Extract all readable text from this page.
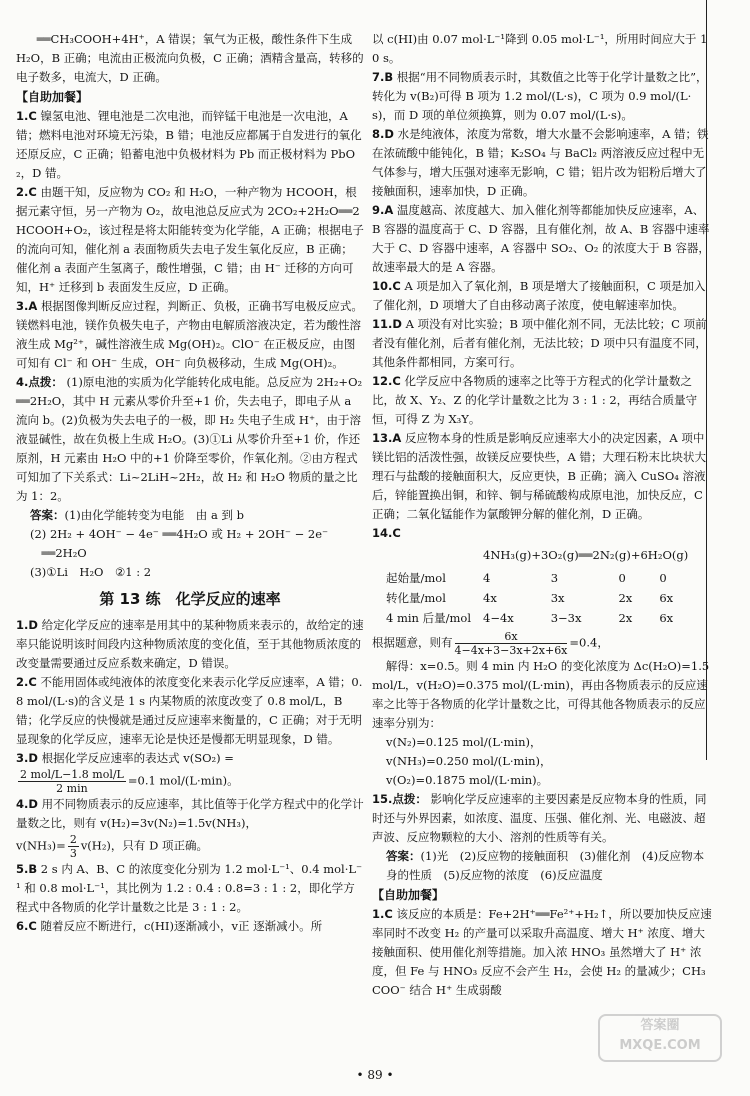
══CH₃COOH+4H⁺，A 错误；氧气为正极，酸性条件下生成 H₂O，B 正确；电流由正极流向负极，C 正确；酒精含量高，转移的电子数多，电流大，D 正确。

【自助加餐】

1.C 镍氢电池、锂电池是二次电池，而锌锰干电池是一次电池，A 错；燃料电池对环境无污染，B 错；电池反应都属于自发进行的氧化还原反应，C 正确；铅蓄电池中负极材料为 Pb 而正极材料为 PbO₂，D 错。

2.C 由题干知，反应物为 CO₂ 和 H₂O，一种产物为 HCOOH，根据元素守恒，另一产物为 O₂，故电池总反应式为 2CO₂+2H₂O══2HCOOH+O₂，该过程是将太阳能转变为化学能，A 正确；根据电子的流向可知，催化剂 a 表面物质失去电子发生氧化反应，B 正确；催化剂 a 表面产生氢离子，酸性增强，C 错；由 H⁻ 迁移的方向可知，H⁺ 迁移到 b 表面发生反应，D 正确。

3.A 根据图像判断反应过程，判断正、负极，正确书写电极反应式。镁燃料电池，镁作负极失电子，产物由电解质溶液决定，若为酸性溶液生成 Mg²⁺，碱性溶液生成 Mg(OH)₂。ClO⁻ 在正极反应，由图可知有 Cl⁻ 和 OH⁻ 生成，OH⁻ 向负极移动，生成 Mg(OH)₂。

4.点拨： (1)原电池的实质为化学能转化成电能。总反应为 2H₂+O₂══2H₂O，其中 H 元素从零价升至+1 价，失去电子，即电子从 a 流向 b。(2)负极为失去电子的一极，即 H₂ 失电子生成 H⁺，由于溶液显碱性，故在负极上生成 H₂O。(3)①Li 从零价升至+1 价，作还原剂，H 元素由 H₂O 中的+1 价降至零价，作氧化剂。②由方程式可知加了下关系式：Li~2LiH~2H₂，故 H₂ 和 H₂O 物质的量之比为 1：2。

答案：(1)由化学能转变为电能　由 a 到 b

(2) 2H₂ + 4OH⁻ − 4e⁻ ══4H₂O 或 H₂ + 2OH⁻ − 2e⁻

　══2H₂O

(3)①Li　H₂O　②1 : 2

第 13 练　化学反应的速率

1.D 给定化学反应的速率是用其中的某种物质来表示的，故给定的速率只能说明该时间段内这种物质浓度的变化值，至于其他物质浓度的改变量需要通过反应系数来确定，D 错误。

2.C 不能用固体或纯液体的浓度变化来表示化学反应速率，A 错；0.8 mol/(L·s)的含义是 1 s 内某物质的浓度改变了 0.8 mol/L，B 错；化学反应的快慢就是通过反应速率来衡量的，C 正确；对于无明显现象的化学反应，速率无论是快还是慢都无明显现象，D 错。

3.D 根据化学反应速率的表达式 v(SO₂) =

$\frac{\text{2 mol/L−1.8 mol/L}}{2 \min} =0.1$ mol/(L·min)。

4.D 用不同物质表示的反应速率，其比值等于化学方程式中的化学计量数之比，则有 v(H₂)=3v(N₂)=1.5v(NH₃)，

$v(NH_3)= \frac{2}{3} v(H_2)$，只有 D 项正确。

5.B 2 s 内 A、B、C 的浓度变化分别为 1.2 mol·L⁻¹、0.4 mol·L⁻¹ 和 0.8 mol·L⁻¹，其比例为 1.2 : 0.4 : 0.8=3 : 1 : 2，即化学方程式中各物质的化学计量数之比是 3 : 1 : 2。

6.C 随着反应不断进行，c(HI)逐渐减小，v正 逐渐减小。所

以 c(HI)由 0.07 mol·L⁻¹降到 0.05 mol·L⁻¹，所用时间应大于 10 s。

7.B 根据“用不同物质表示时，其数值之比等于化学计量数之比”，转化为 v(B₂)可得 B 项为 1.2 mol/(L·s)，C 项为 0.9 mol/(L·s)，而 D 项的单位须换算，则为 0.07 mol/(L·s)。

8.D 水是纯液体，浓度为常数，增大水量不会影响速率，A 错；铁在浓硫酸中能钝化，B 错；K₂SO₄ 与 BaCl₂ 两溶液反应过程中无气体参与，增大压强对速率无影响，C 错；铝片改为铝粉后增大了接触面积，速率加快，D 正确。

9.A 温度越高、浓度越大、加入催化剂等都能加快反应速率，A、B 容器的温度高于 C、D 容器，且有催化剂，故 A、B 容器中速率大于 C、D 容器中速率，A 容器中 SO₂、O₂ 的浓度大于 B 容器，故速率最大的是 A 容器。

10.C A 项是加入了氧化剂，B 项是增大了接触面积，C 项是加入了催化剂，D 项增大了自由移动离子浓度，使电解速率加快。

11.D A 项没有对比实验；B 项中催化剂不同，无法比较；C 项前者没有催化剂，后者有催化剂，无法比较；D 项中只有温度不同，其他条件都相同，方案可行。

12.C 化学反应中各物质的速率之比等于方程式的化学计量数之比，故 X、Y₂、Z 的化学计量数之比为 3 : 1 : 2，再结合质量守恒，可得 Z 为 X₃Y。

13.A 反应物本身的性质是影响反应速率大小的决定因素，A 项中镁比铝的活泼性强，故镁反应要快些，A 错；大理石粉末比块状大理石与盐酸的接触面积大，反应更快，B 正确；滴入 CuSO₄ 溶液后，锌能置换出铜，和锌、铜与稀硫酸构成原电池，加快反应，C 正确；二氧化锰能作为氯酸钾分解的催化剂，D 正确。

14.C

	4NH₃(g)+3O₂(g)══2N₂(g)+6H₂O(g)			
起始量/mol	4	3	0	0
转化量/mol	4x	3x	2x	6x
4 min 后量/mol	4−4x	3−3x	2x	6x

根据题意，则有 $\frac{6x}{4-4x+3-3x+2x+6x} =0.4$，

解得：x=0.5。则 4 min 内 H₂O 的变化浓度为 Δc(H₂O)=1.5 mol/L，v(H₂O)=0.375 mol/(L·min)，再由各物质表示的反应速率之比等于各物质的化学计量数之比，可得其他各物质表示的反应速率分别为：

v(N₂)=0.125 mol/(L·min)，

v(NH₃)=0.250 mol/(L·min)，

v(O₂)=0.1875 mol/(L·min)。

15.点拨： 影响化学反应速率的主要因素是反应物本身的性质，同时还与外界因素，如浓度、温度、压强、催化剂、光、电磁波、超声波、反应物颗粒的大小、溶剂的性质等有关。

答案：(1)光　(2)反应物的接触面积　(3)催化剂　(4)反应物本身的性质　(5)反应物的浓度　(6)反应温度

【自助加餐】

1.C 该反应的本质是：Fe+2H⁺══Fe²⁺+H₂↑，所以要加快反应速率同时不改变 H₂ 的产量可以采取升高温度、增大 H⁺ 浓度、增大接触面积、使用催化剂等措施。加入浓 HNO₃ 虽然增大了 H⁺ 浓度，但 Fe 与 HNO₃ 反应不会产生 H₂，会使 H₂ 的量减少；CH₃COO⁻ 结合 H⁺ 生成弱酸

• 89 •
答案圈
MXQE.COM
